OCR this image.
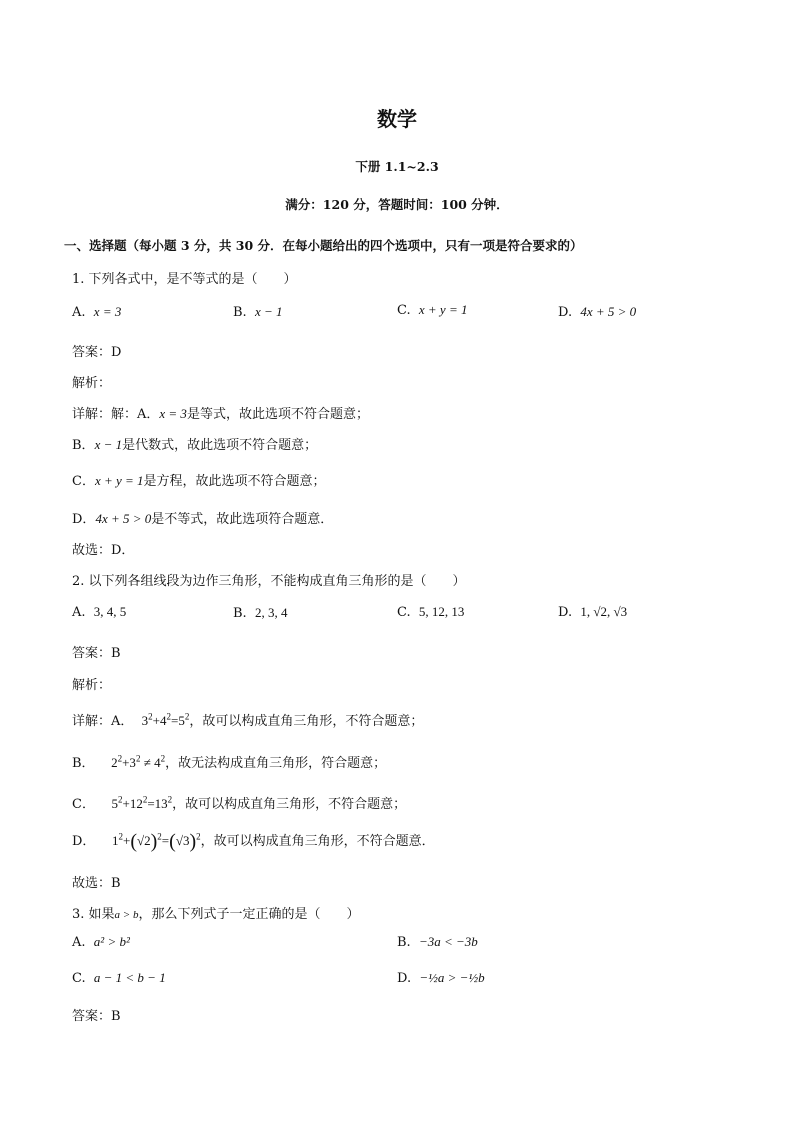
数学
下册 1.1~2.3
满分：120 分，答题时间：100 分钟．
一、选择题（每小题 3 分，共 30 分．在每小题给出的四个选项中，只有一项是符合要求的）
1. 下列各式中，是不等式的是（　　）
A. x = 3	B. x − 1	C. x + y = 1	D. 4x + 5 > 0
答案：D
解析：
详解：解：A．x = 3是等式，故此选项不符合题意；
B．x − 1是代数式，故此选项不符合题意；
C．x + y = 1是方程，故此选项不符合题意；
D．4x + 5 > 0是不等式，故此选项符合题意．
故选：D．
2. 以下列各组线段为边作三角形，不能构成直角三角形的是（　　）
A. 3, 4, 5	B. 2, 3, 4	C. 5, 12, 13	D. 1, √2, √3
答案：B
解析：
详解：A． $3^2+4^2=5^2$，故可以构成直角三角形，不符合题意；
B． $2^2+3^2 \ne 4^2$，故无法构成直角三角形，符合题意；
C． $5^2+12^2=13^2$，故可以构成直角三角形，不符合题意；
D． $1^2+(√2)^2=(√3)^2$，故可以构成直角三角形，不符合题意．
故选：B
3. 如果a > b，那么下列式子一定正确的是（　　）
A. a² > b²	B. −3a < −3b
C. a − 1 < b − 1	D. −½a > −½b
答案：B
